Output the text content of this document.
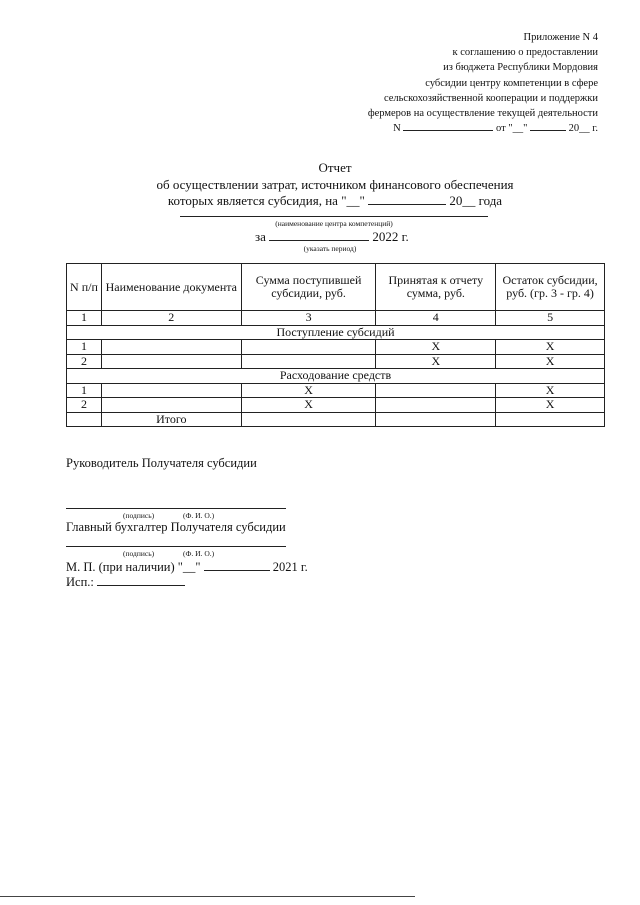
Приложение N 4
к соглашению о предоставлении
из бюджета Республики Мордовия
субсидии центру компетенции в сфере
сельскохозяйственной кооперации и поддержки
фермеров на осуществление текущей деятельности
N	от "__"	20__ г.
Отчет
об осуществлении затрат, источником финансового обеспечения
которых является субсидия, на "__"	20__ года
(наименование центра компетенций)
за	2022 г.
(указать период)
N п/п	Наименование документа	Сумма поступившей субсидии, руб.	Принятая к отчету сумма, руб.	Остаток субсидии, руб. (гр. 3 - гр. 4)
1	2	3	4	5
Поступление субсидий				
1			X	X
2			X	X
Расходование средств				
1		X		X
2		X		X
	Итого			
Руководитель Получателя субсидии
(подпись)	(Ф. И. О.)
Главный бухгалтер Получателя субсидии
(подпись)	(Ф. И. О.)
М. П. (при наличии) "__"	2021 г.
Исп.:
